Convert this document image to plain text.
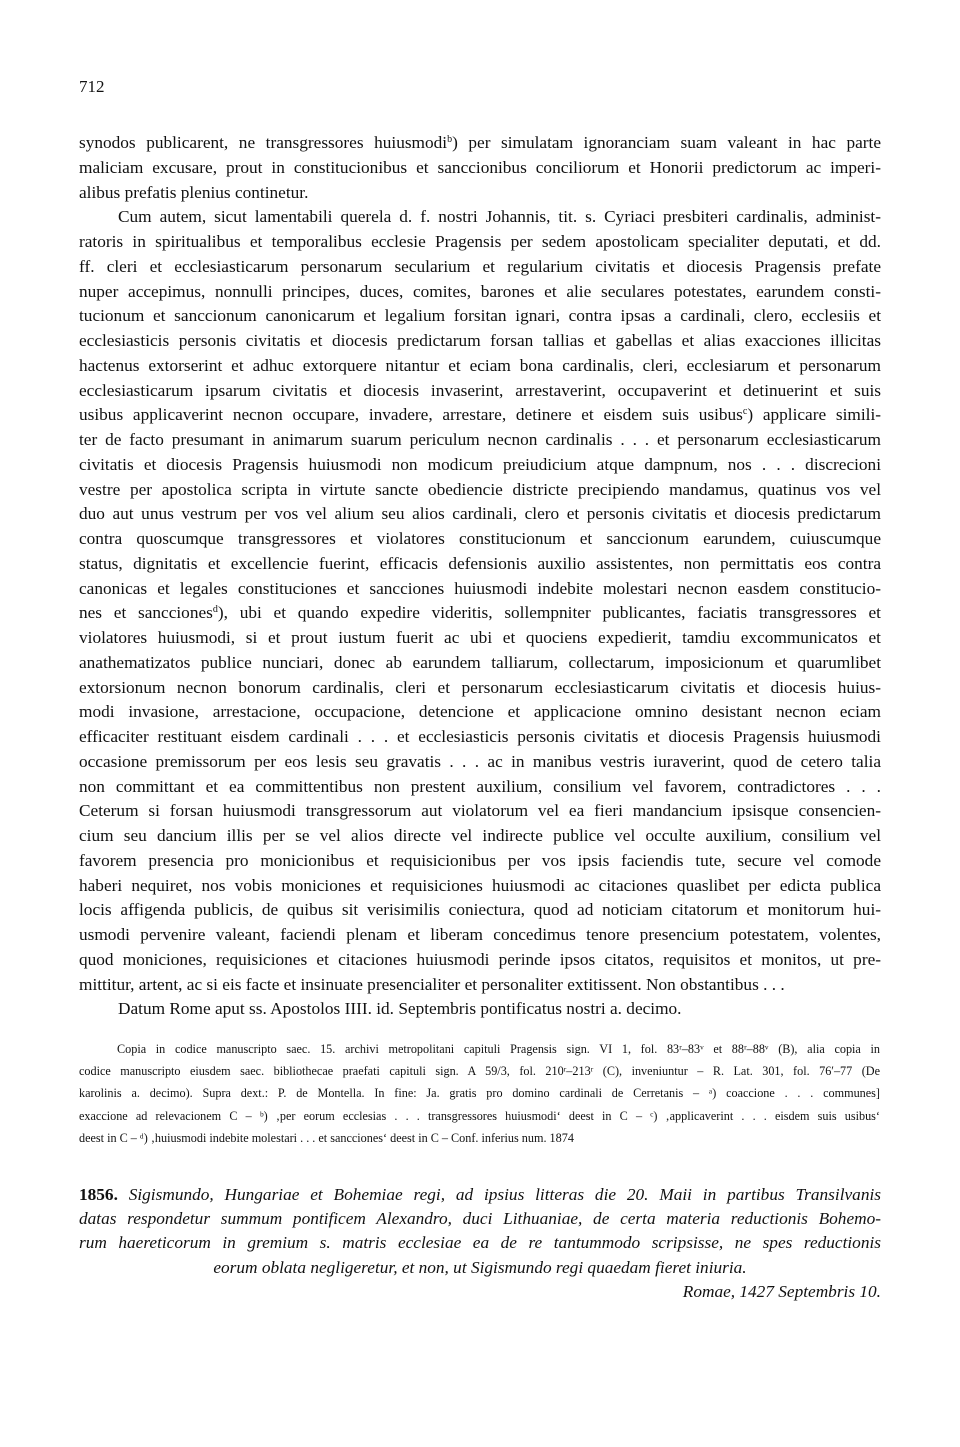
712

synodos publicarent, ne transgressores huiusmodi$^b$) per simulatam ignoranciam suam valeant in hac parte
maliciam excusare, prout in constitucionibus et sanccionibus conciliorum et Honorii predictorum ac imperi-
alibus prefatis plenius continetur.

Cum autem, sicut lamentabili querela d. f. nostri Johannis, tit. s. Cyriaci presbiteri cardinalis, administ-
ratoris in spiritualibus et temporalibus ecclesie Pragensis per sedem apostolicam specialiter deputati, et dd.
ff. cleri et ecclesiasticarum personarum secularium et regularium civitatis et diocesis Pragensis prefate
nuper accepimus, nonnulli principes, duces, comites, barones et alie seculares potestates, earundem consti-
tucionum et sanccionum canonicarum et legalium forsitan ignari, contra ipsas a cardinali, clero, ecclesiis et
ecclesiasticis personis civitatis et diocesis predictarum forsan tallias et gabellas et alias exacciones illicitas
hactenus extorserint et adhuc extorquere nitantur et eciam bona cardinalis, cleri, ecclesiarum et personarum
ecclesiasticarum ipsarum civitatis et diocesis invaserint, arrestaverint, occupaverint et detinuerint et suis
usibus applicaverint necnon occupare, invadere, arrestare, detinere et eisdem suis usibus$^c$) applicare simili-
ter de facto presumant in animarum suarum periculum necnon cardinalis . . . et personarum ecclesiasticarum
civitatis et diocesis Pragensis huiusmodi non modicum preiudicium atque dampnum, nos . . . discrecioni
vestre per apostolica scripta in virtute sancte obediencie districte precipiendo mandamus, quatinus vos vel
duo aut unus vestrum per vos vel alium seu alios cardinali, clero et personis civitatis et diocesis predictarum
contra quoscumque transgressores et violatores constitucionum et sanccionum earundem, cuiuscumque
status, dignitatis et excellencie fuerint, efficacis defensionis auxilio assistentes, non permittatis eos contra
canonicas et legales constituciones et sancciones huiusmodi indebite molestari necnon easdem constitucio-
nes et sancciones$^d$), ubi et quando expedire videritis, sollempniter publicantes, faciatis transgressores et
violatores huiusmodi, si et prout iustum fuerit ac ubi et quociens expedierit, tamdiu excommunicatos et
anathematizatos publice nunciari, donec ab earundem talliarum, collectarum, imposicionum et quarumlibet
extorsionum necnon bonorum cardinalis, cleri et personarum ecclesiasticarum civitatis et diocesis huius-
modi invasione, arrestacione, occupacione, detencione et applicacione omnino desistant necnon eciam
efficaciter restituant eisdem cardinali . . . et ecclesiasticis personis civitatis et diocesis Pragensis huiusmodi
occasione premissorum per eos lesis seu gravatis . . . ac in manibus vestris iuraverint, quod de cetero talia
non committant et ea committentibus non prestent auxilium, consilium vel favorem, contradictores . . .
Ceterum si forsan huiusmodi transgressorum aut violatorum vel ea fieri mandancium ipsisque consencien-
cium seu dancium illis per se vel alios directe vel indirecte publice vel occulte auxilium, consilium vel
favorem presencia pro monicionibus et requisicionibus per vos ipsis faciendis tute, secure vel comode
haberi nequiret, nos vobis moniciones et requisiciones huiusmodi ac citaciones quaslibet per edicta publica
locis affigenda publicis, de quibus sit verisimilis coniectura, quod ad noticiam citatorum et monitorum hui-
usmodi pervenire valeant, faciendi plenam et liberam concedimus tenore presencium potestatem, volentes,
quod moniciones, requisiciones et citaciones huiusmodi perinde ipsos citatos, requisitos et monitos, ut pre-
mittitur, artent, ac si eis facte et insinuate presencialiter et personaliter extitissent. Non obstantibus . . .

Datum Rome aput ss. Apostolos IIII. id. Septembris pontificatus nostri a. decimo.

Copia in codice manuscripto saec. 15. archivi metropolitani capituli Pragensis sign. VI 1, fol. 83ʳ–83ᵛ et 88ʳ–88ᵛ (B), alia copia in
codice manuscripto eiusdem saec. bibliothecae praefati capituli sign. A 59/3, fol. 210ʳ–213ʳ (C), inveniuntur – R. Lat. 301, fol. 76′–77 (De
karolinis a. decimo). Supra dext.: P. de Montella. In fine: Ja. gratis pro domino cardinali de Cerretanis – ᵃ) coaccione . . . communes]
exaccione ad relevacionem C – ᵇ) ‚per eorum ecclesias . . . transgressores huiusmodi‘ deest in C – ᶜ) ‚applicaverint . . . eisdem suis usibus‘
deest in C – ᵈ) ‚huiusmodi indebite molestari . . . et sancciones‘ deest in C – Conf. inferius num. 1874
1856. Sigismundo, Hungariae et Bohemiae regi, ad ipsius litteras die 20. Maii in partibus Transilvanis
datas respondetur summum pontificem Alexandro, duci Lithuaniae, de certa materia reductionis Bohemo-
rum haereticorum in gremium s. matris ecclesiae ea de re tantummodo scripsisse, ne spes reductionis
eorum oblata negligeretur, et non, ut Sigismundo regi quaedam fieret iniuria.
Romae, 1427 Septembris 10.
